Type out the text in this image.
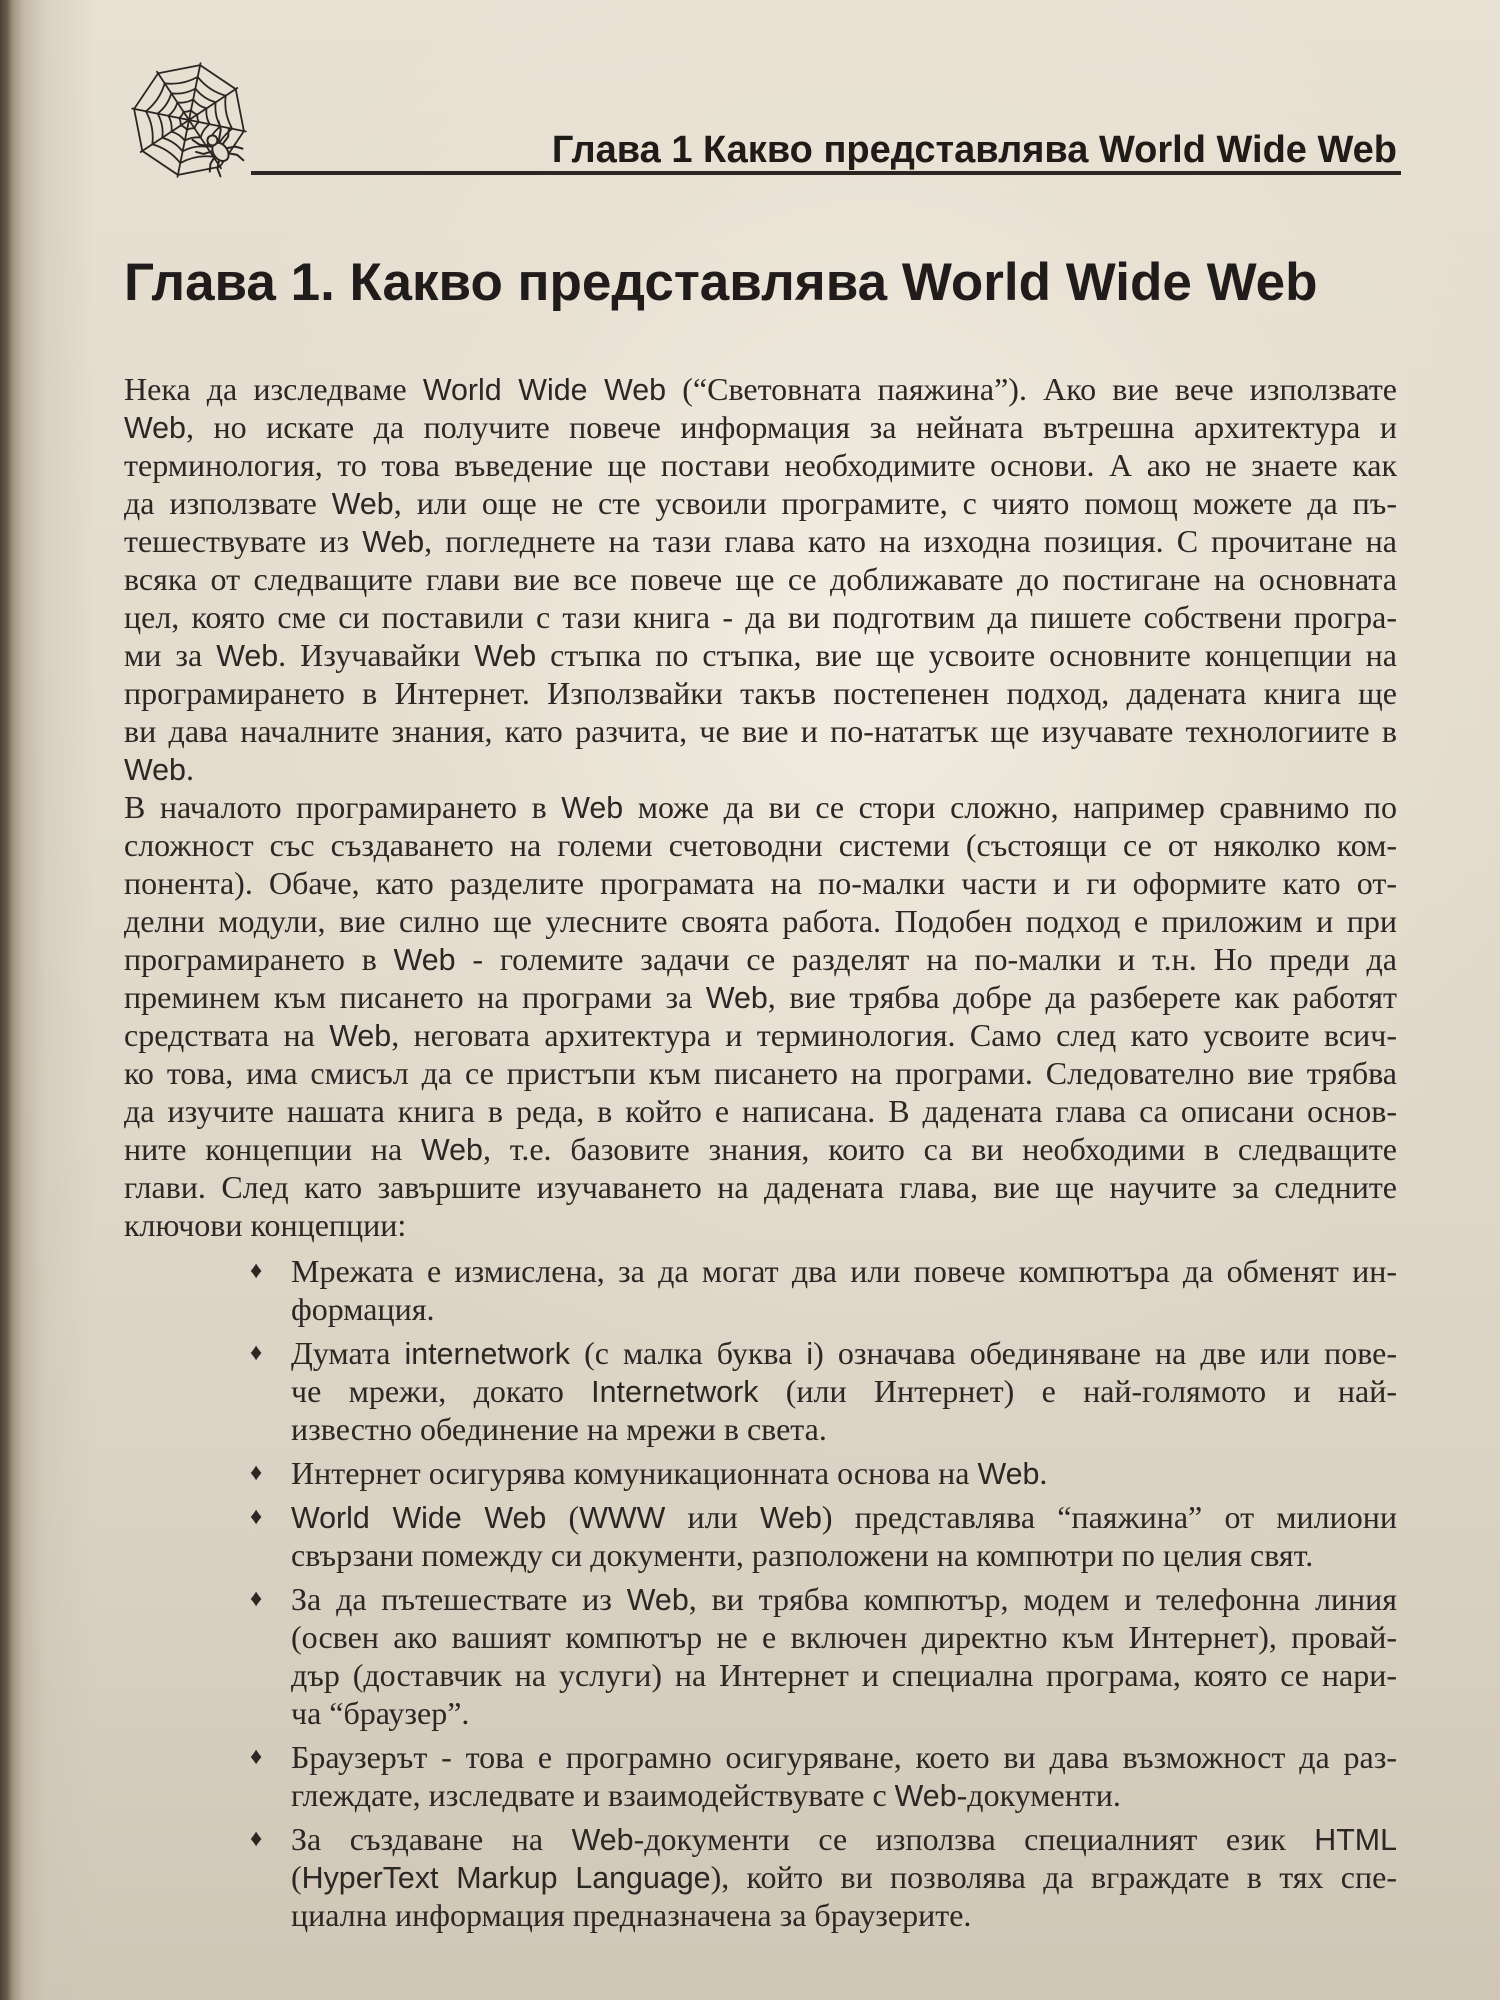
Глава 1 Какво представлява World Wide Web
Глава 1. Какво представлява World Wide Web
Нека да изследваме World Wide Web (“Световната паяжина”). Ако вие вече използвате
Web, но искате да получите повече информация за нейната вътрешна архитектура и
терминология, то това въведение ще постави необходимите основи. А ако не знаете как
да използвате Web, или още не сте усвоили програмите, с чиято помощ можете да пъ-
тешествувате из Web, погледнете на тази глава като на изходна позиция. С прочитане на
всяка от следващите глави вие все повече ще се доближавате до постигане на основната
цел, която сме си поставили с тази книга - да ви подготвим да пишете собствени програ-
ми за Web. Изучавайки Web стъпка по стъпка, вие ще усвоите основните концепции на
програмирането в Интернет. Използвайки такъв постепенен подход, дадената книга ще
ви дава началните знания, като разчита, че вие и по-нататък ще изучавате технологиите в
Web.
В началото програмирането в Web може да ви се стори сложно, например сравнимо по
сложност със създаването на големи счетоводни системи (състоящи се от няколко ком-
понента). Обаче, като разделите програмата на по-малки части и ги оформите като от-
делни модули, вие силно ще улесните своята работа. Подобен подход е приложим и при
програмирането в Web - големите задачи се разделят на по-малки и т.н. Но преди да
преминем към писането на програми за Web, вие трябва добре да разберете как работят
средствата на Web, неговата архитектура и терминология. Само след като усвоите всич-
ко това, има смисъл да се пристъпи към писането на програми. Следователно вие трябва
да изучите нашата книга в реда, в който е написана. В дадената глава са описани основ-
ните концепции на Web, т.е. базовите знания, които са ви необходими в следващите
глави. След като завършите изучаването на дадената глава, вие ще научите за следните
ключови концепции:
♦ Мрежата е измислена, за да могат два или повече компютъра да обменят ин-
формация.
♦ Думата internetwork (с малка буква i) означава обединяване на две или пове-
че мрежи, докато Internetwork (или Интернет) е най-голямото и най-
известно обединение на мрежи в света.
♦ Интернет осигурява комуникационната основа на Web.
♦ World Wide Web (WWW или Web) представлява “паяжина” от милиони
свързани помежду си документи, разположени на компютри по целия свят.
♦ За да пътешествате из Web, ви трябва компютър, модем и телефонна линия
(освен ако вашият компютър не е включен директно към Интернет), провай-
дър (доставчик на услуги) на Интернет и специална програма, която се нари-
ча “браузер”.
♦ Браузерът - това е програмно осигуряване, което ви дава възможност да раз-
глеждате, изследвате и взаимодействувате с Web-документи.
♦ За създаване на Web-документи се използва специалният език HTML
(HyperText Markup Language), който ви позволява да вграждате в тях спе-
циална информация предназначена за браузерите.
